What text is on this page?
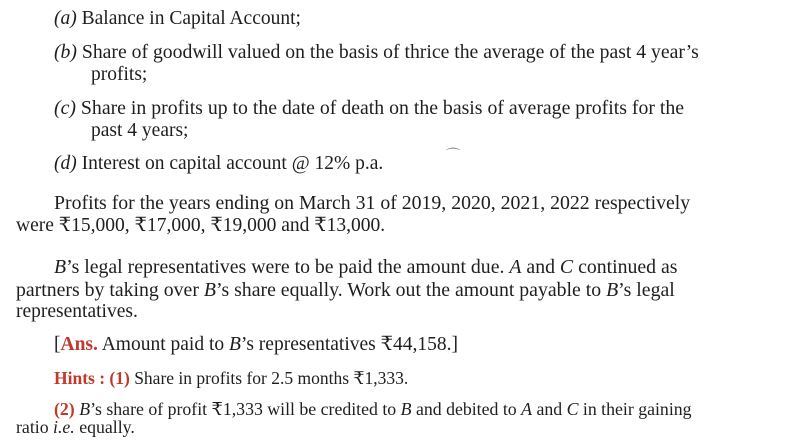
(a) Balance in Capital Account;
(b) Share of goodwill valued on the basis of thrice the average of the past 4 year’s
profits;
(c) Share in profits up to the date of death on the basis of average profits for the
past 4 years;
(d) Interest on capital account @ 12% p.a.	⌒
Profits for the years ending on March 31 of 2019, 2020, 2021, 2022 respectively
were ₹15,000, ₹17,000, ₹19,000 and ₹13,000.
B’s legal representatives were to be paid the amount due. A and C continued as
partners by taking over B’s share equally. Work out the amount payable to B’s legal
representatives.
[Ans. Amount paid to B’s representatives ₹44,158.]
Hints : (1) Share in profits for 2.5 months ₹1,333.
(2) B’s share of profit ₹1,333 will be credited to B and debited to A and C in their gaining
ratio i.e. equally.
